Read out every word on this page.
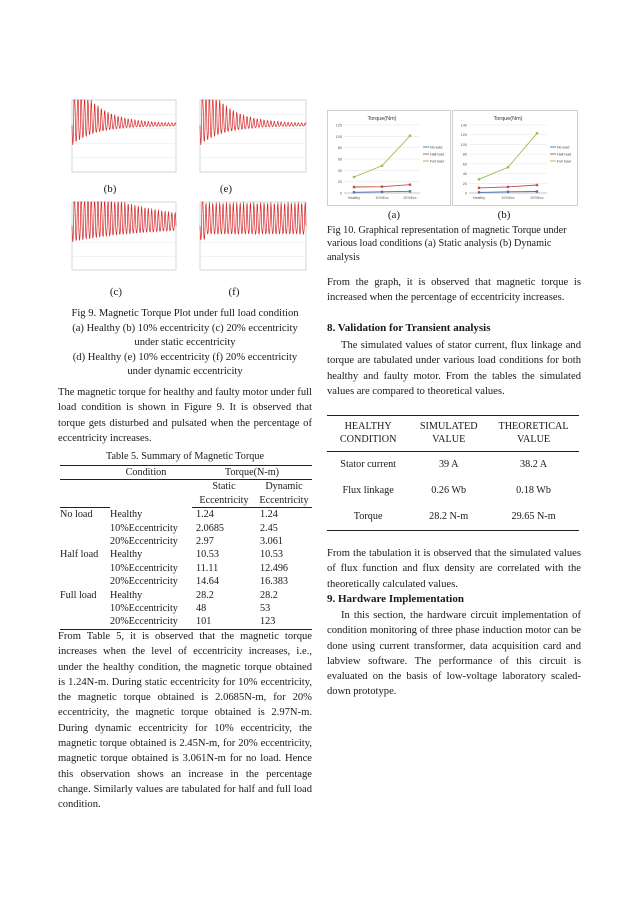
(b)	(e)
(c)	(f)

Fig 9. Magnetic Torque Plot under full load condition

(a) Healthy (b) 10% eccentricity (c) 20% eccentricity

under static eccentricity

(d) Healthy (e) 10% eccentricity (f) 20% eccentricity

under dynamic eccentricity

The magnetic torque for healthy and faulty motor under full load condition is shown in Figure 9. It is observed that torque gets disturbed and pulsated when the percentage of eccentricity increases.

Table 5. Summary of Magnetic Torque
Condition		Torque(N-m)	
		Static Eccentricity	Dynamic Eccentricity
No load	Healthy	1.24	1.24
	10%Eccentricity	2.0685	2.45
	20%Eccentricity	2.97	3.061
Half load	Healthy	10.53	10.53
	10%Eccentricity	11.11	12.496
	20%Eccentricity	14.64	16.383
Full load	Healthy	28.2	28.2
	10%Eccentricity	48	53
	20%Eccentricity	101	123

From Table 5, it is observed that the magnetic torque increases when the level of eccentricity increases, i.e., under the healthy condition, the magnetic torque obtained is 1.24N-m. During static eccentricity for 10% eccentricity, the magnetic torque obtained is 2.0685N-m, for 20% eccentricity, the magnetic torque obtained is 2.97N-m. During dynamic eccentricity for 10% eccentricity, the magnetic torque obtained is 2.45N-m, for 20% eccentricity, magnetic torque obtained is 3.061N-m for no load. Hence this observation shows an increase in the percentage change. Similarly values are tabulated for half and full load condition.

Torque(Nm)
0
20
40
60
80
100
120
Healthy	10%Ecc	20%Ecc
No load
Half load
Full load
Torque(Nm)
0
20
40
60
80
100
120
140
Healthy	10%Ecc	20%Ecc
No load
Half load
Full load
(a)	(b)

Fig 10. Graphical representation of magnetic Torque under various load conditions (a) Static analysis (b) Dynamic analysis

From the graph, it is observed that magnetic torque is increased when the percentage of eccentricity increases.

8. Validation for Transient analysis

The simulated values of stator current, flux linkage and torque are tabulated under various load conditions for both healthy and faulty motor. From the tables the simulated values are compared to theoretical values.

HEALTHY CONDITION	SIMULATED VALUE	THEORETICAL VALUE
Stator current	39 A	38.2 A
Flux linkage	0.26 Wb	0.18 Wb
Torque	28.2 N-m	29.65 N-m

From the tabulation it is observed that the simulated values of flux function and flux density are correlated with the theoretically calculated values.

9. Hardware Implementation

In this section, the hardware circuit implementation of condition monitoring of three phase induction motor can be done using current transformer, data acquisition card and labview software. The performance of this circuit is evaluated on the basis of low-voltage laboratory scaled-down prototype.
